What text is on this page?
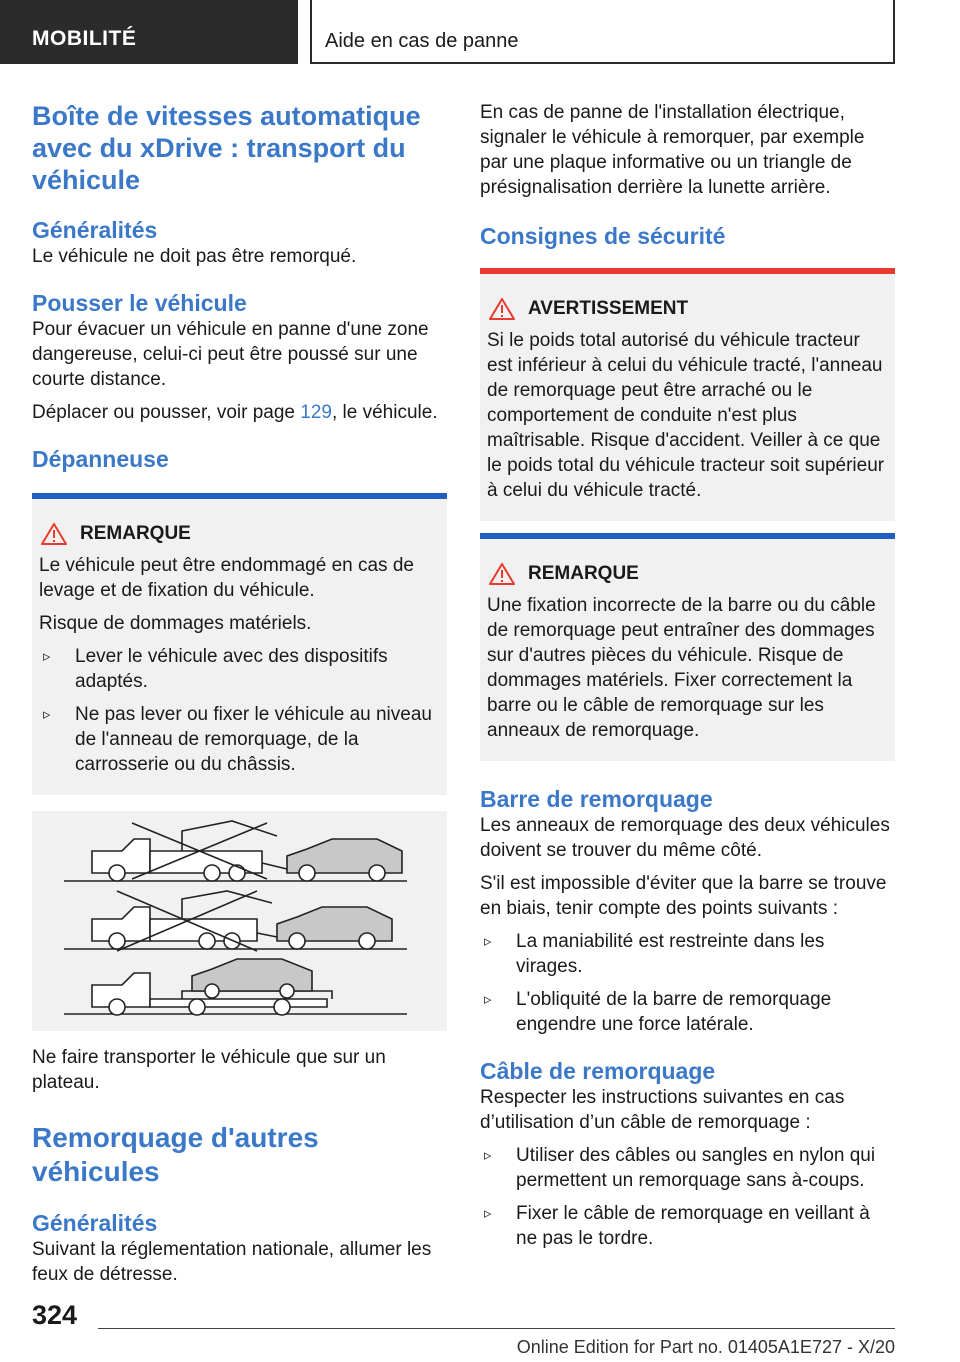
MOBILITÉ	Aide en cas de panne
Boîte de vitesses automatique avec du xDrive : transport du véhicule
Généralités

Le véhicule ne doit pas être remorqué.

Pousser le véhicule

Pour évacuer un véhicule en panne d'une zone dangereuse, celui-ci peut être poussé sur une courte distance.

Déplacer ou pousser, voir page 129, le véhicule.

Dépanneuse
REMARQUE

Le véhicule peut être endommagé en cas de levage et de fixation du véhicule.

Risque de dommages matériels.

▹ Lever le véhicule avec des dispositifs adaptés.
▹ Ne pas lever ou fixer le véhicule au niveau de l'anneau de remorquage, de la carrosserie ou du châssis.

Ne faire transporter le véhicule que sur un plateau.

Remorquage d'autres véhicules
Généralités

Suivant la réglementation nationale, allumer les feux de détresse.

En cas de panne de l'installation électrique, signaler le véhicule à remorquer, par exemple par une plaque informative ou un triangle de présignalisation derrière la lunette arrière.

Consignes de sécurité
AVERTISSEMENT

Si le poids total autorisé du véhicule tracteur est inférieur à celui du véhicule tracté, l'anneau de remorquage peut être arraché ou le comportement de conduite n'est plus maîtrisable. Risque d'accident. Veiller à ce que le poids total du véhicule tracteur soit supérieur à celui du véhicule tracté.

REMARQUE

Une fixation incorrecte de la barre ou du câble de remorquage peut entraîner des dommages sur d'autres pièces du véhicule. Risque de dommages matériels. Fixer correctement la barre ou le câble de remorquage sur les anneaux de remorquage.

Barre de remorquage

Les anneaux de remorquage des deux véhicules doivent se trouver du même côté.

S'il est impossible d'éviter que la barre se trouve en biais, tenir compte des points suivants :

▹ La maniabilité est restreinte dans les virages.
▹ L'obliquité de la barre de remorquage engendre une force latérale.
Câble de remorquage

Respecter les instructions suivantes en cas d’utilisation d’un câble de remorquage :

▹ Utiliser des câbles ou sangles en nylon qui permettent un remorquage sans à-coups.
▹ Fixer le câble de remorquage en veillant à ne pas le tordre.
324
Online Edition for Part no. 01405A1E727 - X/20
